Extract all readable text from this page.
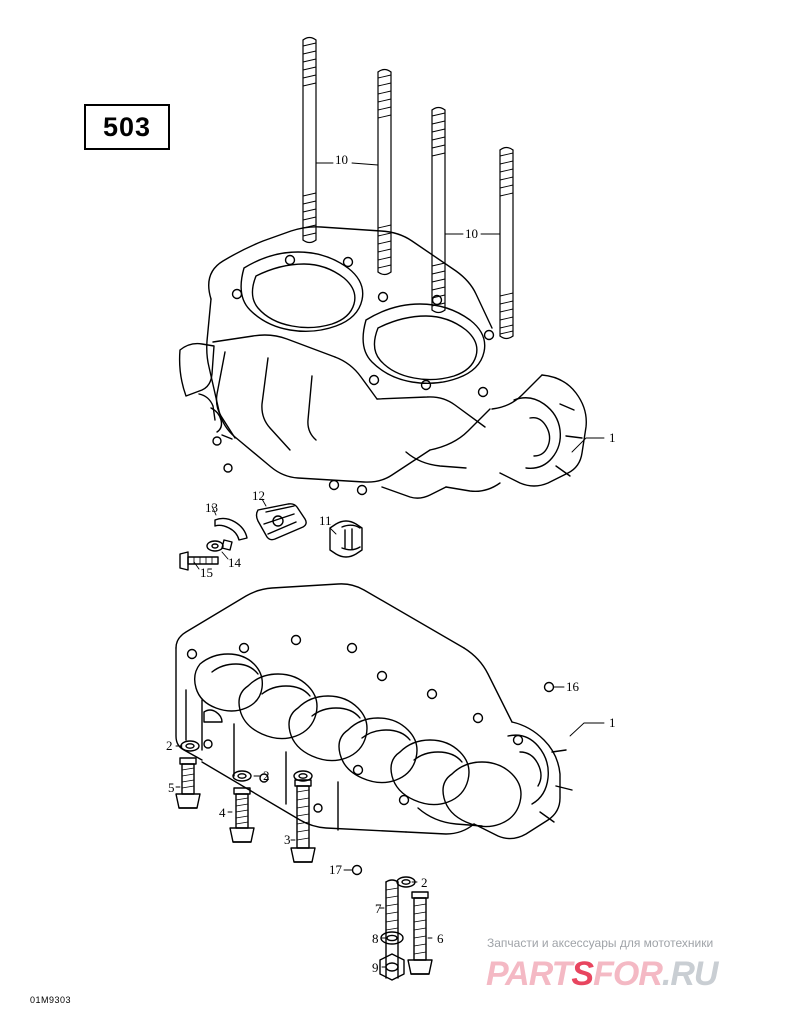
503
10
10
1
13
12
11
14
15
16
1
2
5
2
4
3
17
2
7
8	6
9
01M9303
Запчасти и аксессуары для мототехники
PARTSFOR.RU
